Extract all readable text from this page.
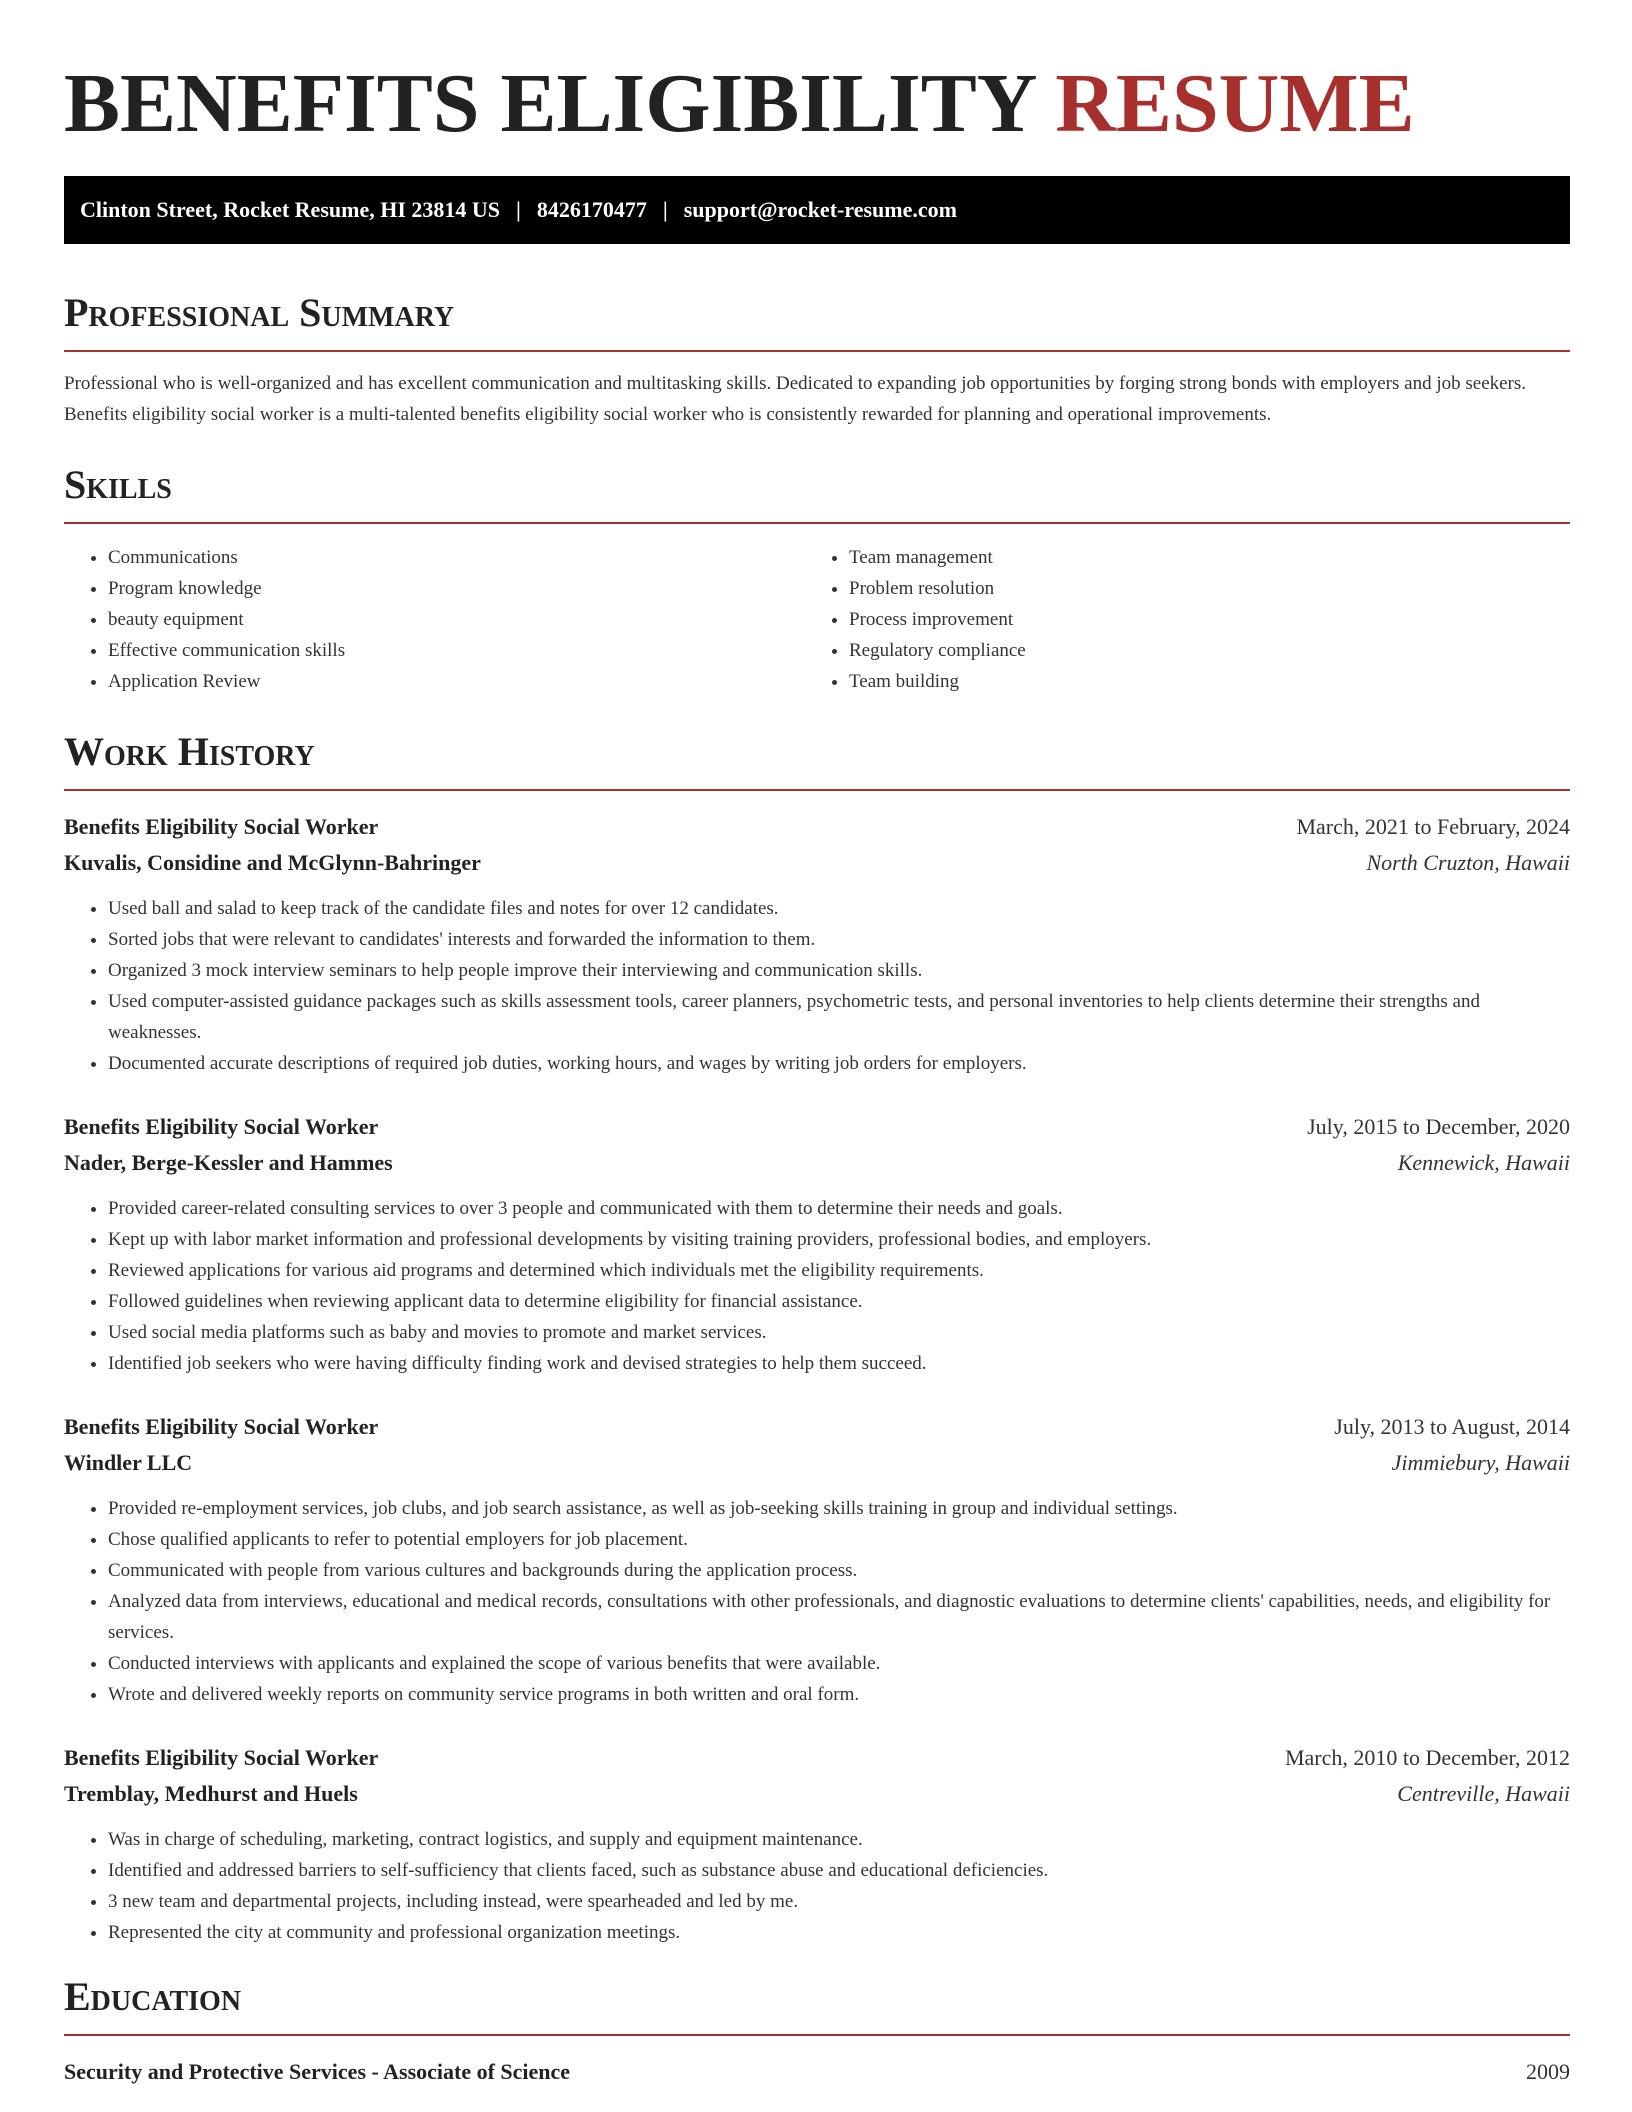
BENEFITS ELIGIBILITY RESUME
Clinton Street, Rocket Resume, HI 23814 US | 8426170477 | support@rocket-resume.com
Professional Summary

Professional who is well-organized and has excellent communication and multitasking skills. Dedicated to expanding job opportunities by forging strong bonds with employers and job seekers. Benefits eligibility social worker is a multi-talented benefits eligibility social worker who is consistently rewarded for planning and operational improvements.

Skills
• Communications
• Program knowledge
• beauty equipment
• Effective communication skills
• Application Review
• Team management
• Problem resolution
• Process improvement
• Regulatory compliance
• Team building
Work History
Benefits Eligibility Social Worker	March, 2021 to February, 2024
Kuvalis, Considine and McGlynn-Bahringer	North Cruzton, Hawaii
• Used ball and salad to keep track of the candidate files and notes for over 12 candidates.
• Sorted jobs that were relevant to candidates' interests and forwarded the information to them.
• Organized 3 mock interview seminars to help people improve their interviewing and communication skills.
• Used computer-assisted guidance packages such as skills assessment tools, career planners, psychometric tests, and personal inventories to help clients determine their strengths and weaknesses.
• Documented accurate descriptions of required job duties, working hours, and wages by writing job orders for employers.
Benefits Eligibility Social Worker	July, 2015 to December, 2020
Nader, Berge-Kessler and Hammes	Kennewick, Hawaii
• Provided career-related consulting services to over 3 people and communicated with them to determine their needs and goals.
• Kept up with labor market information and professional developments by visiting training providers, professional bodies, and employers.
• Reviewed applications for various aid programs and determined which individuals met the eligibility requirements.
• Followed guidelines when reviewing applicant data to determine eligibility for financial assistance.
• Used social media platforms such as baby and movies to promote and market services.
• Identified job seekers who were having difficulty finding work and devised strategies to help them succeed.
Benefits Eligibility Social Worker	July, 2013 to August, 2014
Windler LLC	Jimmiebury, Hawaii
• Provided re-employment services, job clubs, and job search assistance, as well as job-seeking skills training in group and individual settings.
• Chose qualified applicants to refer to potential employers for job placement.
• Communicated with people from various cultures and backgrounds during the application process.
• Analyzed data from interviews, educational and medical records, consultations with other professionals, and diagnostic evaluations to determine clients' capabilities, needs, and eligibility for services.
• Conducted interviews with applicants and explained the scope of various benefits that were available.
• Wrote and delivered weekly reports on community service programs in both written and oral form.
Benefits Eligibility Social Worker	March, 2010 to December, 2012
Tremblay, Medhurst and Huels	Centreville, Hawaii
• Was in charge of scheduling, marketing, contract logistics, and supply and equipment maintenance.
• Identified and addressed barriers to self-sufficiency that clients faced, such as substance abuse and educational deficiencies.
• 3 new team and departmental projects, including instead, were spearheaded and led by me.
• Represented the city at community and professional organization meetings.
Education
Security and Protective Services - Associate of Science	2009
